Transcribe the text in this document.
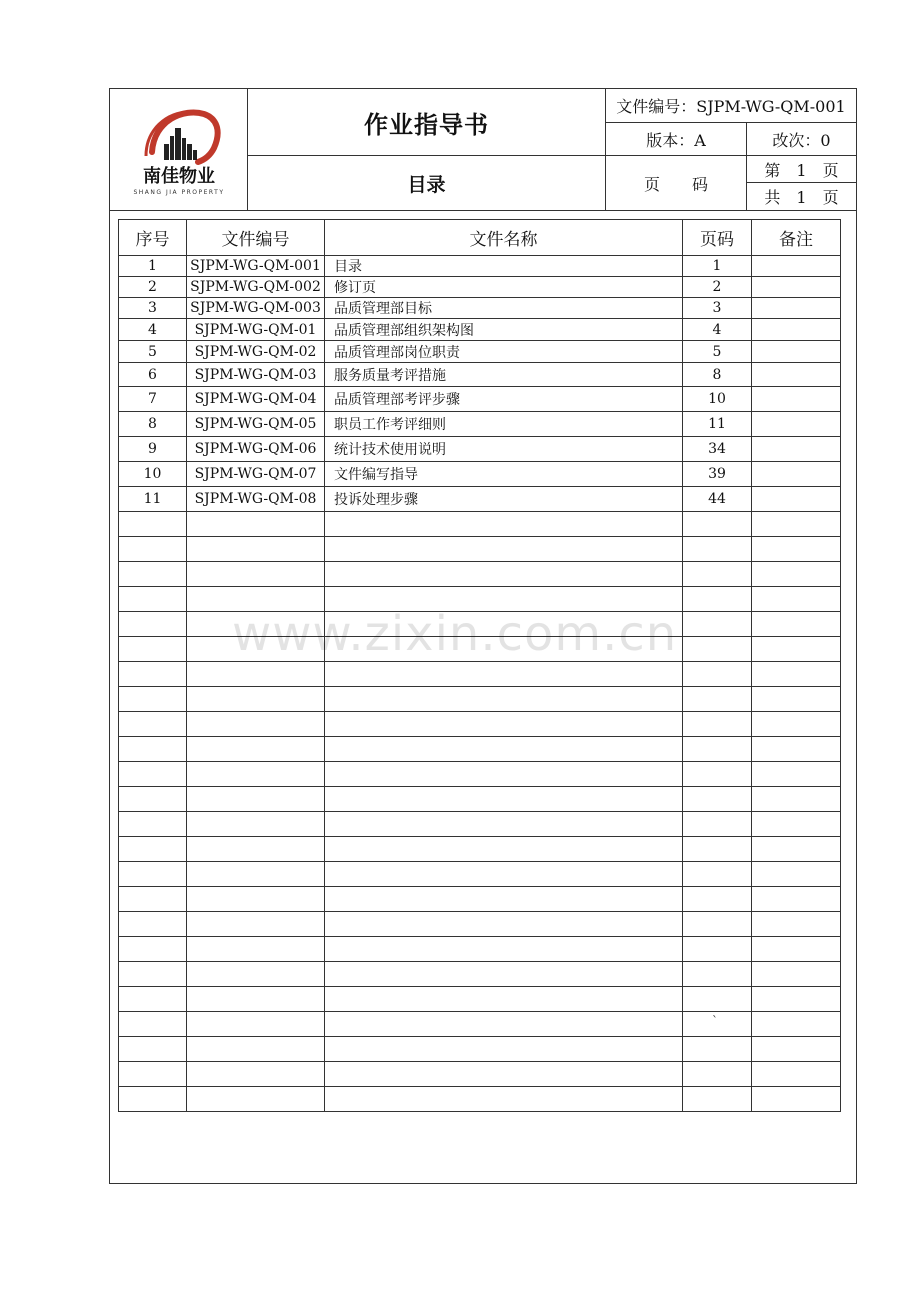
南佳物业
SHANG JIA PROPERTY
作业指导书
目录
文件编号：SJPM-WG-QM-001
版本：A	改次：0
页　　码
第　1　页
共　1　页
序号	文件编号	文件名称	页码	备注
1	SJPM-WG-QM-001	目录	1	
2	SJPM-WG-QM-002	修订页	2	
3	SJPM-WG-QM-003	品质管理部目标	3	
4	SJPM-WG-QM-01	品质管理部组织架构图	4	
5	SJPM-WG-QM-02	品质管理部岗位职责	5	
6	SJPM-WG-QM-03	服务质量考评措施	8	
7	SJPM-WG-QM-04	品质管理部考评步骤	10	
8	SJPM-WG-QM-05	职员工作考评细则	11	
9	SJPM-WG-QM-06	统计技术使用说明	34	
10	SJPM-WG-QM-07	文件编写指导	39	
11	SJPM-WG-QM-08	投诉处理步骤	44	

www.zixin.com.cn
`
